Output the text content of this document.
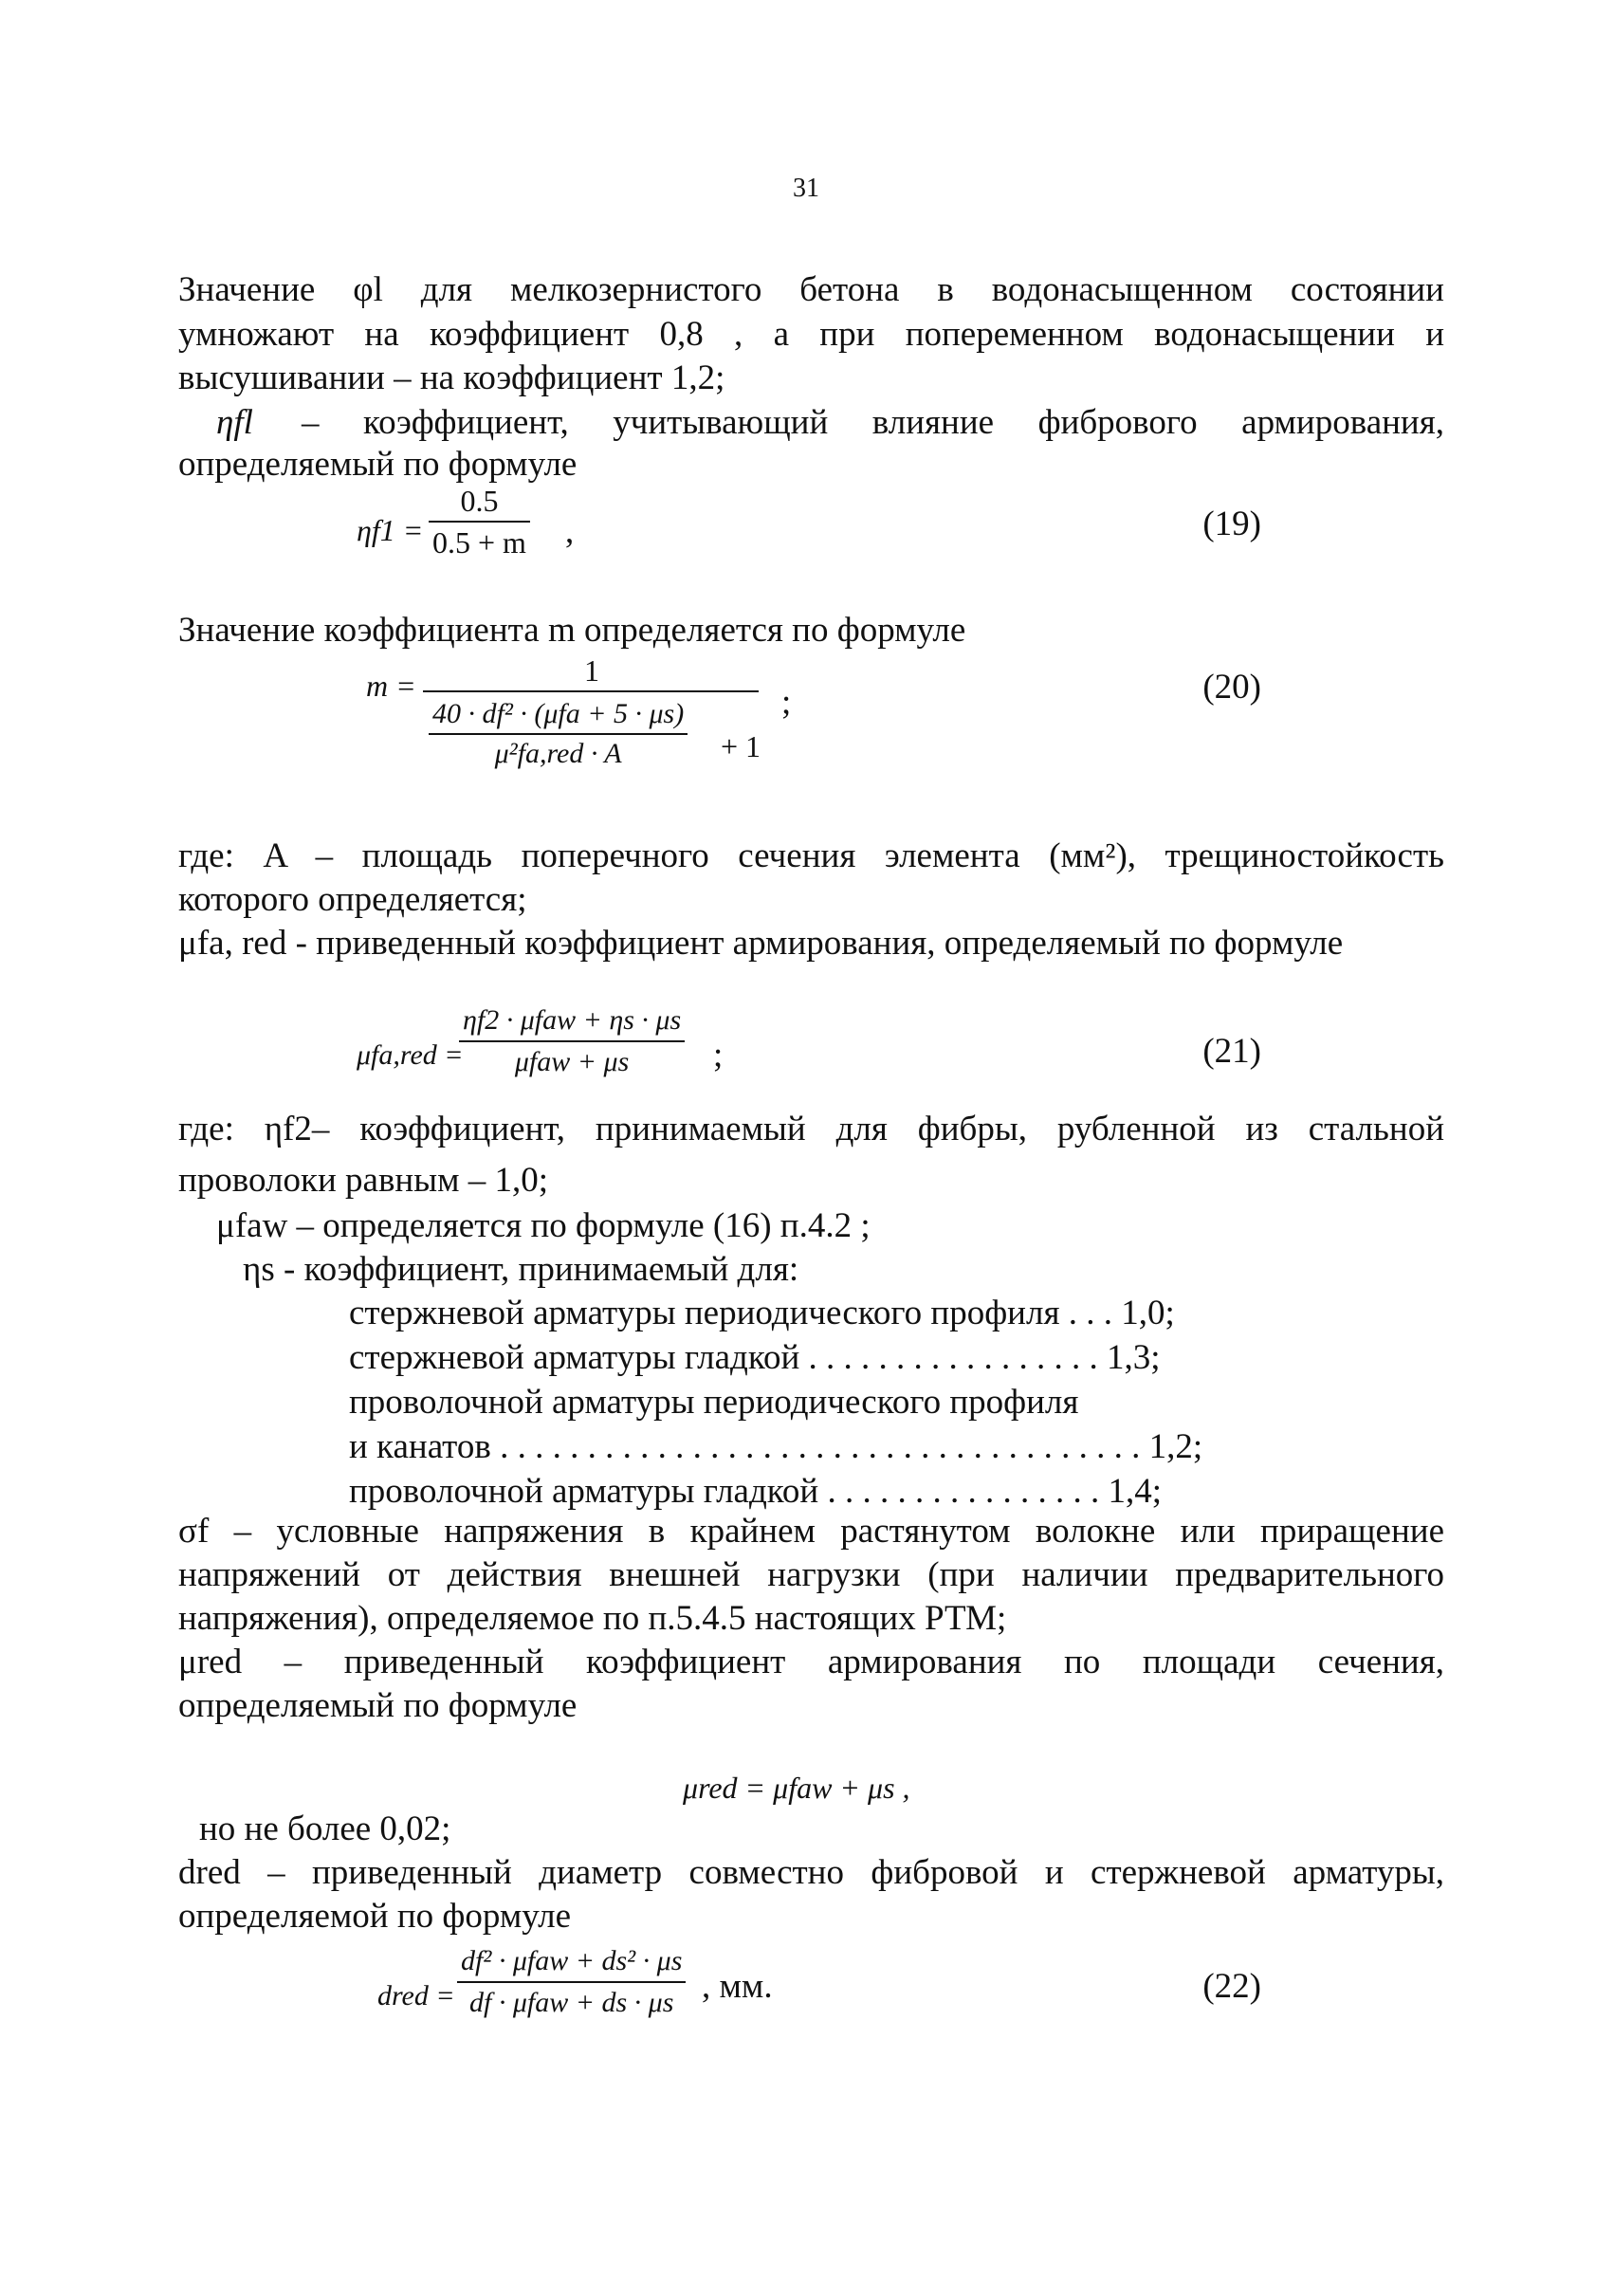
31
Значение φl для мелкозернистого бетона в водонасыщенном состоянии
умножают на коэффициент 0,8 , а при попеременном водонасыщении и
высушивании – на коэффициент 1,2;
ηfl – коэффициент, учитывающий влияние фибрового армирования,
определяемый по формуле
ηf1 =
0.5
0.5 + m ,	(19)
Значение коэффициента m определяется по формуле
m =	1
40 · df² · (μfa + 5 · μs)
μ²fa,red · A	+ 1
;	(20)
где: A – площадь поперечного сечения элемента (мм²), трещиностойкость
которого определяется;
μfa, red - приведенный коэффициент армирования, определяемый по формуле
μfa,red =
ηf2 · μfaw + ηs · μs
μfaw + μs ;	(21)
где: ηf2– коэффициент, принимаемый для фибры, рубленной из стальной
проволоки равным – 1,0;
μfaw – определяется по формуле (16) п.4.2 ;
ηs - коэффициент, принимаемый для:
стержневой арматуры периодического профиля . . . 1,0;
стержневой арматуры гладкой . . . . . . . . . . . . . . . . . 1,3;
проволочной арматуры периодического профиля
и канатов . . . . . . . . . . . . . . . . . . . . . . . . . . . . . . . . . . . . . 1,2;
проволочной арматуры гладкой . . . . . . . . . . . . . . . . 1,4;
σf – условные напряжения в крайнем растянутом волокне или приращение
напряжений от действия внешней нагрузки (при наличии предварительного
напряжения), определяемое по п.5.4.5 настоящих РТМ;
μred – приведенный коэффициент армирования по площади сечения,
определяемый по формуле
μred = μfaw + μs ,
но не более 0,02;
dred – приведенный диаметр совместно фибровой и стержневой арматуры,
определяемой по формуле
dred =
df² · μfaw + ds² · μs
df · μfaw + ds · μs , мм.	(22)
